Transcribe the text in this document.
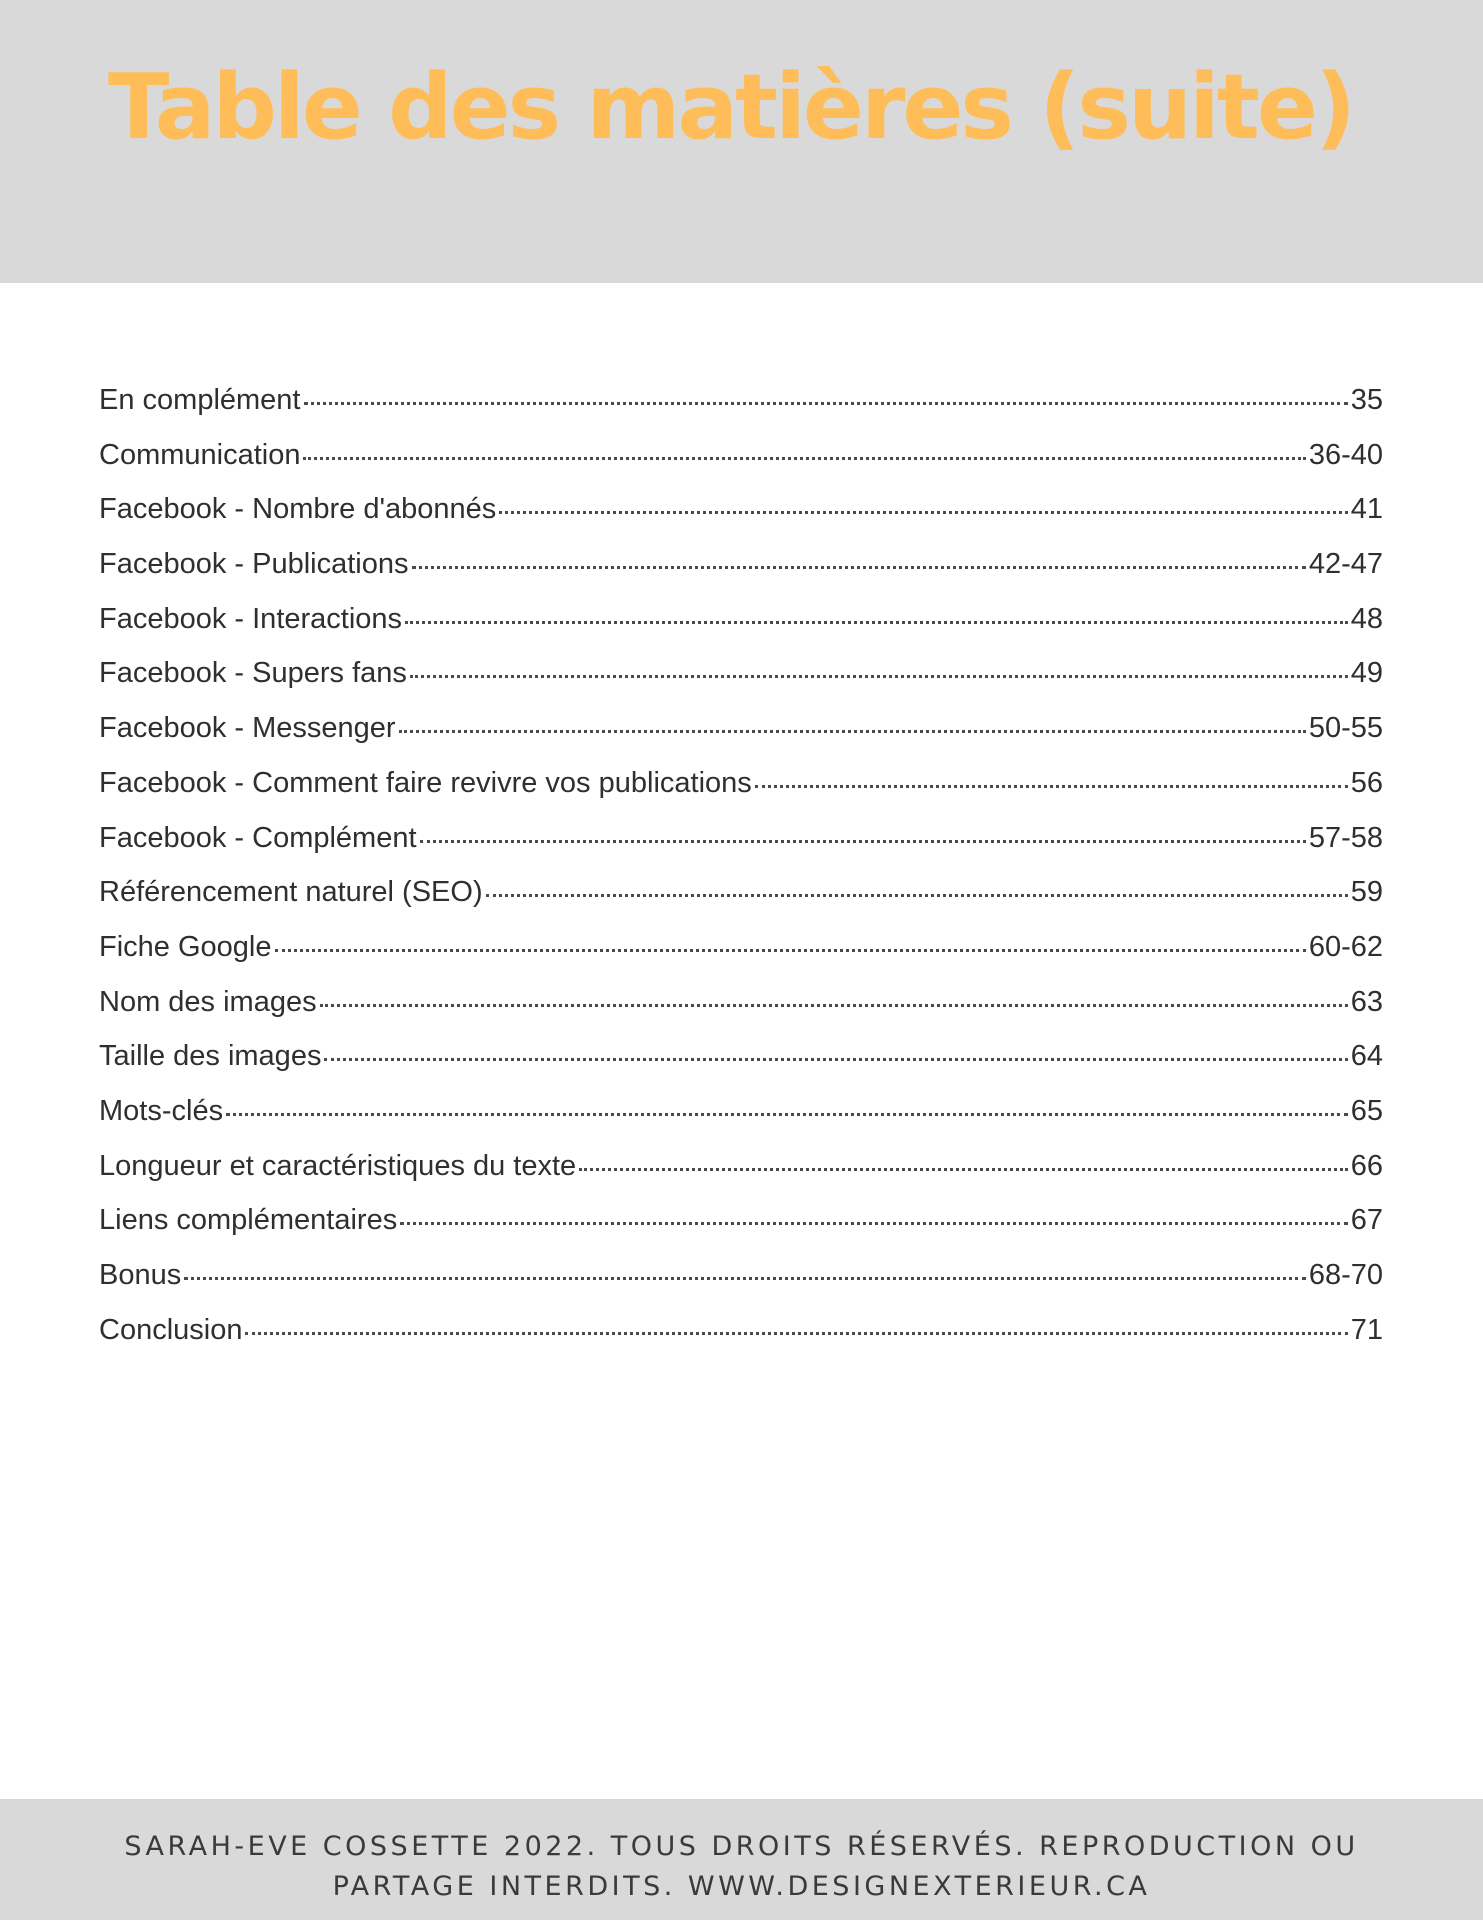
Table des matières (suite)
En complément	35
Communication	36-40
Facebook - Nombre d'abonnés	41
Facebook - Publications	42-47
Facebook - Interactions	48
Facebook - Supers fans	49
Facebook - Messenger	50-55
Facebook - Comment faire revivre vos publications	56
Facebook - Complément	57-58
Référencement naturel (SEO)	59
Fiche Google	60-62
Nom des images	63
Taille des images	64
Mots-clés	65
Longueur et caractéristiques du texte	66
Liens complémentaires	67
Bonus	68-70
Conclusion	71

SARAH-EVE COSSETTE 2022. TOUS DROITS RÉSERVÉS. REPRODUCTION OU
PARTAGE INTERDITS. WWW.DESIGNEXTERIEUR.CA
